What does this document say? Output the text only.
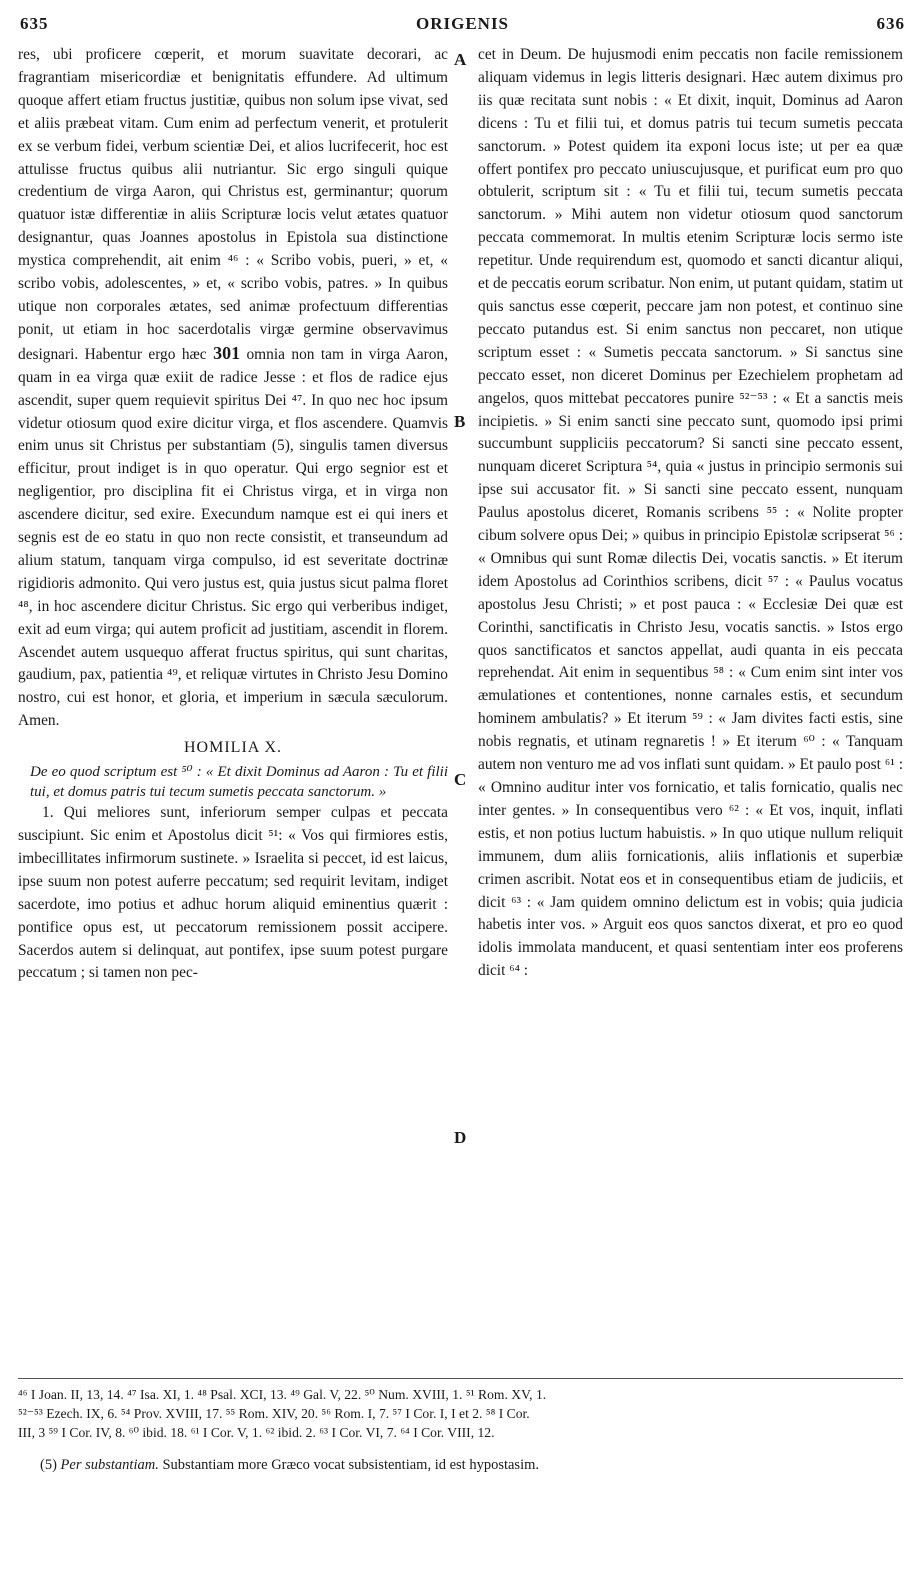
635	ORIGENIS	636

res, ubi proficere cœperit, et morum suavitate decorari, ac fragrantiam misericordiæ et benignitatis effundere. Ad ultimum quoque affert etiam fructus justitiæ, quibus non solum ipse vivat, sed et aliis præbeat vitam. Cum enim ad perfectum venerit, et protulerit ex se verbum fidei, verbum scientiæ Dei, et alios lucrifecerit, hoc est attulisse fructus quibus alii nutriantur. Sic ergo singuli quique credentium de virga Aaron, qui Christus est, germinantur; quorum quatuor istæ differentiæ in aliis Scripturæ locis velut ætates quatuor designantur, quas Joannes apostolus in Epistola sua distinctione mystica comprehendit, ait enim ⁴⁶ : « Scribo vobis, pueri, » et, « scribo vobis, adolescentes, » et, « scribo vobis, patres. » In quibus utique non corporales ætates, sed animæ profectuum differentias ponit, ut etiam in hoc sacerdotalis virgæ germine observavimus designari. Habentur ergo hæc 301 omnia non tam in virga Aaron, quam in ea virga quæ exiit de radice Jesse : et flos de radice ejus ascendit, super quem requievit spiritus Dei ⁴⁷. In quo nec hoc ipsum videtur otiosum quod exire dicitur virga, et flos ascendere. Quamvis enim unus sit Christus per substantiam (5), singulis tamen diversus efficitur, prout indiget is in quo operatur. Qui ergo segnior est et negligentior, pro disciplina fit ei Christus virga, et in virga non ascendere dicitur, sed exire. Execundum namque est ei qui iners et segnis est de eo statu in quo non recte consistit, et transeundum ad alium statum, tanquam virga compulso, id est severitate doctrinæ rigidioris admonito. Qui vero justus est, quia justus sicut palma floret ⁴⁸, in hoc ascendere dicitur Christus. Sic ergo qui verberibus indiget, exit ad eum virga; qui autem proficit ad justitiam, ascendit in florem. Ascendet autem usquequo afferat fructus spiritus, qui sunt charitas, gaudium, pax, patientia ⁴⁹, et reliquæ virtutes in Christo Jesu Domino nostro, cui est honor, et gloria, et imperium in sæcula sæculorum. Amen.

HOMILIA X.

De eo quod scriptum est ⁵⁰ : « Et dixit Dominus ad Aaron : Tu et filii tui, et domus patris tui tecum sumetis peccata sanctorum. »

1. Qui meliores sunt, inferiorum semper culpas et peccata suscipiunt. Sic enim et Apostolus dicit ⁵¹: « Vos qui firmiores estis, imbecillitates infirmorum sustinete. » Israelita si peccet, id est laicus, ipse suum non potest auferre peccatum; sed requirit levitam, indiget sacerdote, imo potius et adhuc horum aliquid eminentius quærit : pontifice opus est, ut peccatorum remissionem possit accipere. Sacerdos autem si delinquat, aut pontifex, ipse suum potest purgare peccatum ; si tamen non pec-

A
B
C
D

cet in Deum. De hujusmodi enim peccatis non facile remissionem aliquam videmus in legis litteris designari. Hæc autem diximus pro iis quæ recitata sunt nobis : « Et dixit, inquit, Dominus ad Aaron dicens : Tu et filii tui, et domus patris tui tecum sumetis peccata sanctorum. » Potest quidem ita exponi locus iste; ut per ea quæ offert pontifex pro peccato uniuscujusque, et purificat eum pro quo obtulerit, scriptum sit : « Tu et filii tui, tecum sumetis peccata sanctorum. » Mihi autem non videtur otiosum quod sanctorum peccata commemorat. In multis etenim Scripturæ locis sermo iste repetitur. Unde requirendum est, quomodo et sancti dicantur aliqui, et de peccatis eorum scribatur. Non enim, ut putant quidam, statim ut quis sanctus esse cœperit, peccare jam non potest, et continuo sine peccato putandus est. Si enim sanctus non peccaret, non utique scriptum esset : « Sumetis peccata sanctorum. » Si sanctus sine peccato esset, non diceret Dominus per Ezechielem prophetam ad angelos, quos mittebat peccatores punire ⁵²⁻⁵³ : « Et a sanctis meis incipietis. » Si enim sancti sine peccato sunt, quomodo ipsi primi succumbunt suppliciis peccatorum? Si sancti sine peccato essent, nunquam diceret Scriptura ⁵⁴, quia « justus in principio sermonis sui ipse sui accusator fit. » Si sancti sine peccato essent, nunquam Paulus apostolus diceret, Romanis scribens ⁵⁵ : « Nolite propter cibum solvere opus Dei; » quibus in principio Epistolæ scripserat ⁵⁶ : « Omnibus qui sunt Romæ dilectis Dei, vocatis sanctis. » Et iterum idem Apostolus ad Corinthios scribens, dicit ⁵⁷ : « Paulus vocatus apostolus Jesu Christi; » et post pauca : « Ecclesiæ Dei quæ est Corinthi, sanctificatis in Christo Jesu, vocatis sanctis. » Istos ergo quos sanctificatos et sanctos appellat, audi quanta in eis peccata reprehendat. Ait enim in sequentibus ⁵⁸ : « Cum enim sint inter vos æmulationes et contentiones, nonne carnales estis, et secundum hominem ambulatis? » Et iterum ⁵⁹ : « Jam divites facti estis, sine nobis regnatis, et utinam regnaretis ! » Et iterum ⁶⁰ : « Tanquam autem non venturo me ad vos inflati sunt quidam. » Et paulo post ⁶¹ : « Omnino auditur inter vos fornicatio, et talis fornicatio, qualis nec inter gentes. » In consequentibus vero ⁶² : « Et vos, inquit, inflati estis, et non potius luctum habuistis. » In quo utique nullum reliquit immunem, dum aliis fornicationis, aliis inflationis et superbiæ crimen ascribit. Notat eos et in consequentibus etiam de judiciis, et dicit ⁶³ : « Jam quidem omnino delictum est in vobis; quia judicia habetis inter vos. » Arguit eos quos sanctos dixerat, et pro eo quod idolis immolata manducent, et quasi sententiam inter eos proferens dicit ⁶⁴ :

⁴⁶ I Joan. II, 13, 14. ⁴⁷ Isa. XI, 1. ⁴⁸ Psal. XCI, 13. ⁴⁹ Gal. V, 22. ⁵⁰ Num. XVIII, 1. ⁵¹ Rom. XV, 1.

⁵²⁻⁵³ Ezech. IX, 6. ⁵⁴ Prov. XVIII, 17. ⁵⁵ Rom. XIV, 20. ⁵⁶ Rom. I, 7. ⁵⁷ I Cor. I, I et 2. ⁵⁸ I Cor.

III, 3 ⁵⁹ I Cor. IV, 8. ⁶⁰ ibid. 18. ⁶¹ I Cor. V, 1. ⁶² ibid. 2. ⁶³ I Cor. VI, 7. ⁶⁴ I Cor. VIII, 12.

(5) Per substantiam. Substantiam more Græco vocat subsistentiam, id est hypostasim.
